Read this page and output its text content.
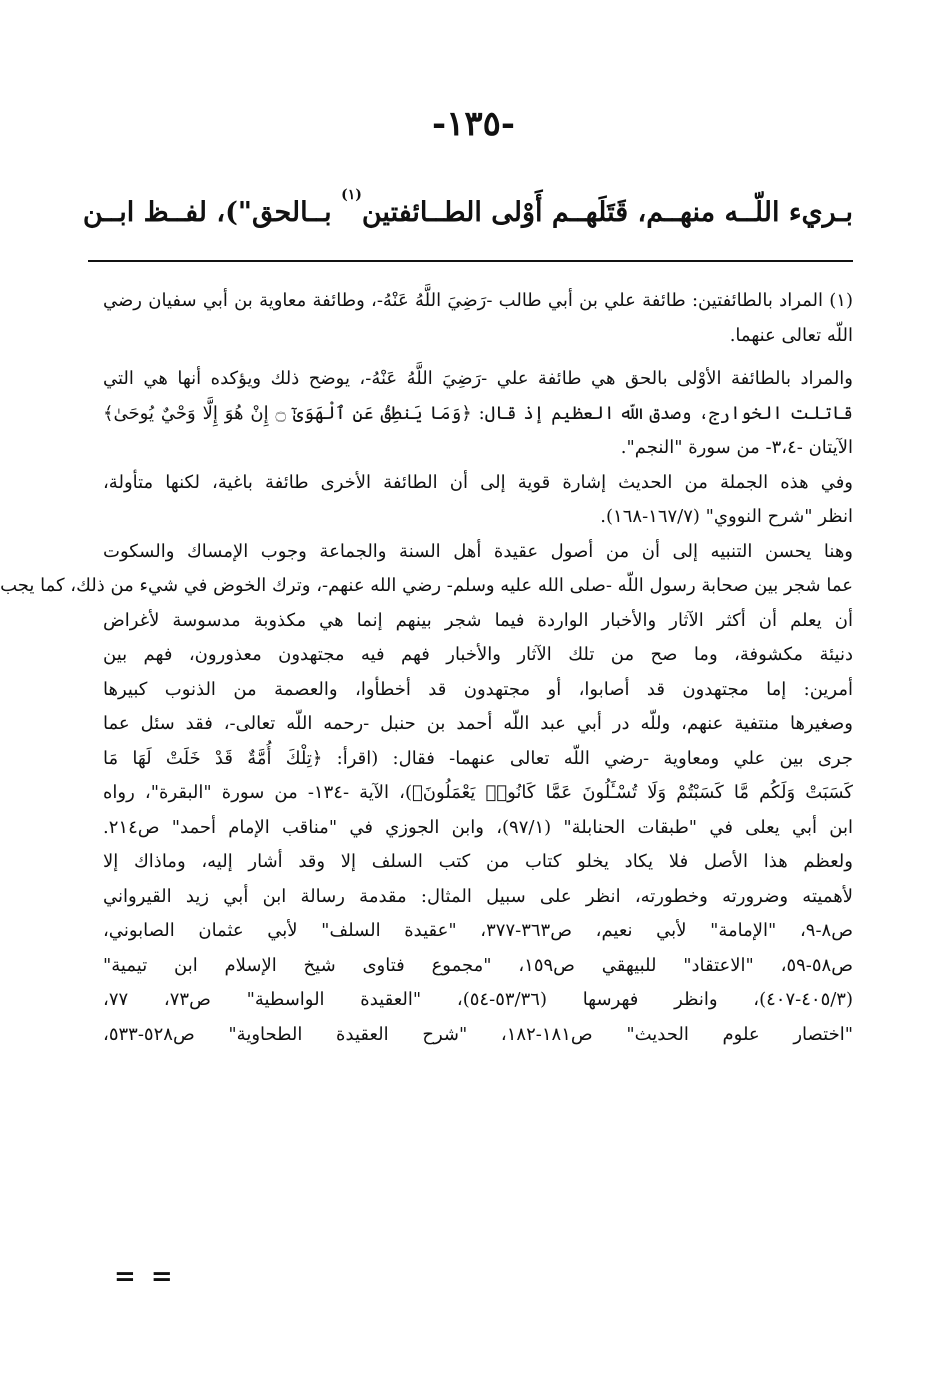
-١٣٥-
بـريء اللّــه منهــم، قَتَلَهــم أَوْلى الطــائفتين$^{(١)}$ بــالحق")، لفــظ ابــن
(١) المراد بالطائفتين: طائفة علي بن أبي طالب -رَضِيَ اللَّهُ عَنْهُ-، وطائفة معاوية بن أبي سفيان رضي
اللّه تعالى عنهما.
والمراد بالطائفة الأوْلى بالحق هي طائفة علي -رَضِيَ اللَّهُ عَنْهُ-، يوضح ذلك ويؤكده أنها هي التي
قاتلت الخوارج، وصدق اللّه العظيم إذ قال: ﴿وَمَا يَنطِقُ عَنِ ٱلْهَوَىٰٓ ۝ إِنْ هُوَ إِلَّا وَحْيٌ يُوحَىٰ﴾
الآيتان -٣،٤- من سورة "النجم".
وفي هذه الجملة من الحديث إشارة قوية إلى أن الطائفة الأخرى طائفة باغية، لكنها متأولة،
انظر "شرح النووي" (١٦٧/٧-١٦٨).
وهنا يحسن التنبيه إلى أن من أصول عقيدة أهل السنة والجماعة وجوب الإمساك والسكوت
عما شجر بين صحابة رسول اللّه -صلى الله عليه وسلم- رضي الله عنهم-، وترك الخوض في شيء من ذلك، كما يجب
أن يعلم أن أكثر الآثار والأخبار الواردة فيما شجر بينهم إنما هي مكذوبة مدسوسة لأغراض
دنيئة مكشوفة، وما صح من تلك الآثار والأخبار فهم فيه مجتهدون معذورون، فهم بين
أمرين: إما مجتهدون قد أصابوا، أو مجتهدون قد أخطأوا، والعصمة من الذنوب كبيرها
وصغيرها منتفية عنهم، وللّه در أبي عبد اللّه أحمد بن حنبل -رحمه اللّه تعالى-، فقد سئل عما
جرى بين علي ومعاوية -رضي اللّه تعالى عنهما- فقال: (اقرأ: ﴿تِلْكَ أُمَّةٌ قَدْ خَلَتْ لَهَا مَا
كَسَبَتْ وَلَكُم مَّا كَسَبْتُمْ وَلَا تُسْـَٔلُونَ عَمَّا كَانُوا۟ يَعْمَلُونَ﴾)، الآية -١٣٤- من سورة "البقرة"، رواه
ابن أبي يعلى في "طبقات الحنابلة" (٩٧/١)، وابن الجوزي في "مناقب الإمام أحمد" ص٢١٤.
ولعظم هذا الأصل فلا يكاد يخلو كتاب من كتب السلف إلا وقد أشار إليه، وماذاك إلا
لأهميته وضرورته وخطورته، انظر على سبيل المثال: مقدمة رسالة ابن أبي زيد القيرواني
ص٨-٩، "الإمامة" لأبي نعيم، ص٣٦٣-٣٧٧، "عقيدة السلف" لأبي عثمان الصابوني،
ص٥٨-٥٩، "الاعتقاد" للبيهقي ص١٥٩، "مجموع فتاوى شيخ الإسلام ابن تيمية"
(٤٠٥/٣-٤٠٧)، وانظر فهرسها (٥٣/٣٦-٥٤)، "العقيدة الواسطية" ص٧٣، ٧٧،
"اختصار علوم الحديث" ص١٨١-١٨٢، "شرح العقيدة الطحاوية" ص٥٢٨-٥٣٣،
= =
